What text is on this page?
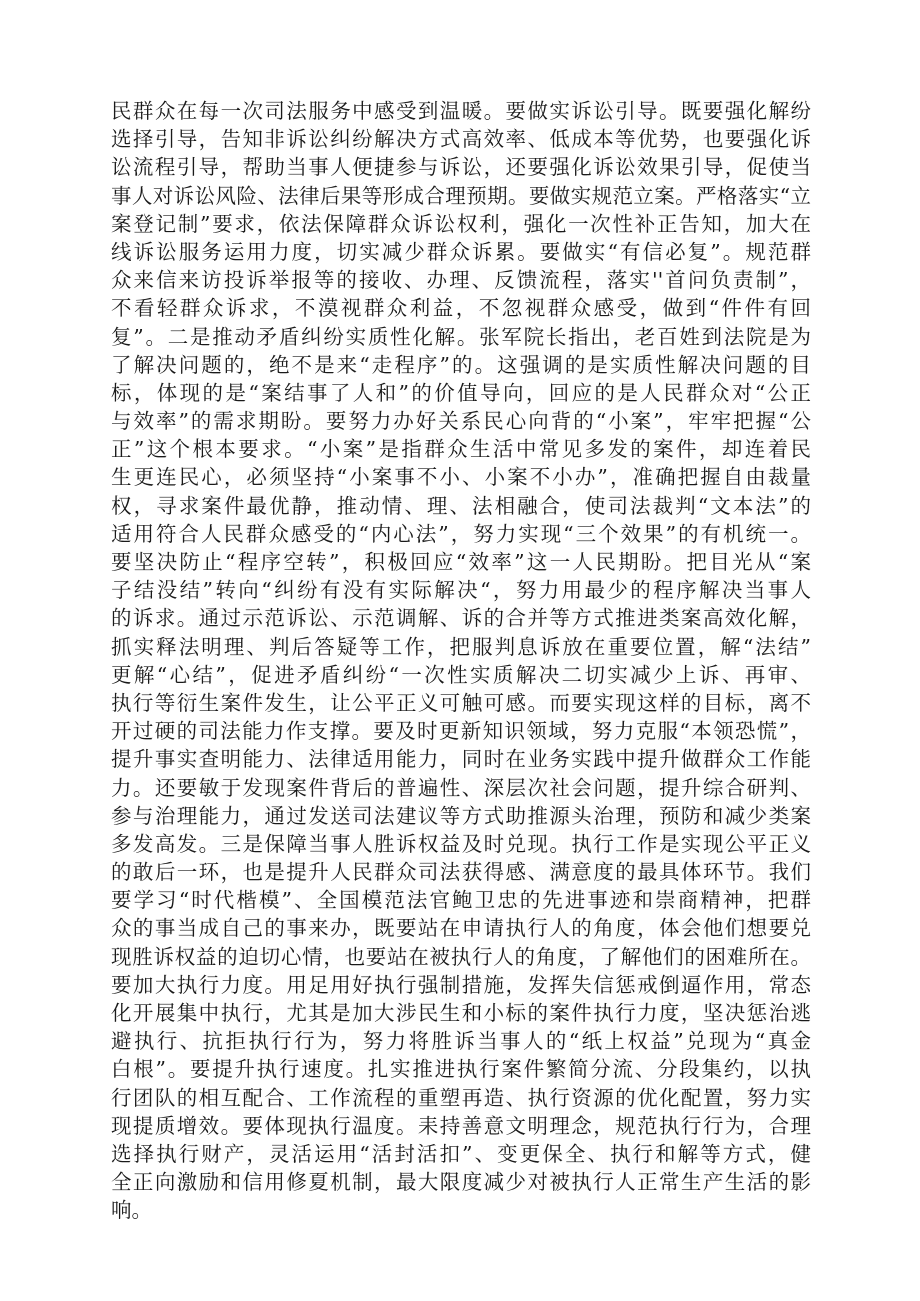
民群众在每一次司法服务中感受到温暖。要做实诉讼引导。既要强化解纷
选择引导，告知非诉讼纠纷解决方式高效率、低成本等优势，也要强化诉
讼流程引导，帮助当事人便捷参与诉讼，还要强化诉讼效果引导，促使当
事人对诉讼风险、法律后果等形成合理预期。要做实规范立案。严格落实“立
案登记制”要求，依法保障群众诉讼权利，强化一次性补正告知，加大在
线诉讼服务运用力度，切实减少群众诉累。要做实“有信必复”。规范群
众来信来访投诉举报等的接收、办理、反馈流程，落实''首问负责制”，
不看轻群众诉求，不漠视群众利益，不忽视群众感受，做到“件件有回
复”。二是推动矛盾纠纷实质性化解。张军院长指出，老百姓到法院是为
了解决问题的，绝不是来“走程序”的。这强调的是实质性解决问题的目
标，体现的是“案结事了人和”的价值导向，回应的是人民群众对“公正
与效率”的需求期盼。要努力办好关系民心向背的“小案”，牢牢把握“公
正”这个根本要求。“小案”是指群众生活中常见多发的案件，却连着民
生更连民心，必须坚持“小案事不小、小案不小办”，准确把握自由裁量
权，寻求案件最优静，推动情、理、法相融合，使司法裁判“文本法”的
适用符合人民群众感受的“内心法”，努力实现“三个效果”的有机统一。
要坚决防止“程序空转”，积极回应“效率”这一人民期盼。把目光从“案
子结没结”转向“纠纷有没有实际解决“，努力用最少的程序解决当事人
的诉求。通过示范诉讼、示范调解、诉的合并等方式推进类案高效化解，
抓实释法明理、判后答疑等工作，把服判息诉放在重要位置，解“法结”
更解“心结”，促进矛盾纠纷“一次性实质解决二切实减少上诉、再审、
执行等衍生案件发生，让公平正义可触可感。而要实现这样的目标，离不
开过硬的司法能力作支撑。要及时更新知识领域，努力克服“本领恐慌”，
提升事实查明能力、法律适用能力，同时在业务实践中提升做群众工作能
力。还要敏于发现案件背后的普遍性、深层次社会问题，提升综合研判、
参与治理能力，通过发送司法建议等方式助推源头治理，预防和减少类案
多发高发。三是保障当事人胜诉权益及时兑现。执行工作是实现公平正义
的敢后一环，也是提升人民群众司法获得感、满意度的最具体环节。我们
要学习“时代楷模”、全国模范法官鲍卫忠的先进事迹和崇商精神，把群
众的事当成自己的事来办，既要站在申请执行人的角度，体会他们想要兑
现胜诉权益的迫切心情，也要站在被执行人的角度，了解他们的困难所在。
要加大执行力度。用足用好执行强制措施，发挥失信惩戒倒逼作用，常态
化开展集中执行，尤其是加大涉民生和小标的案件执行力度，坚决惩治逃
避执行、抗拒执行行为，努力将胜诉当事人的“纸上权益”兑现为“真金
白根”。要提升执行速度。扎实推进执行案件繁简分流、分段集约，以执
行团队的相互配合、工作流程的重塑再造、执行资源的优化配置，努力实
现提质增效。要体现执行温度。耒持善意文明理念，规范执行行为，合理
选择执行财产，灵活运用“活封活扣”、变更保全、执行和解等方式，健
全正向激励和信用修夏机制，最大限度减少对被执行人正常生产生活的影
响。
